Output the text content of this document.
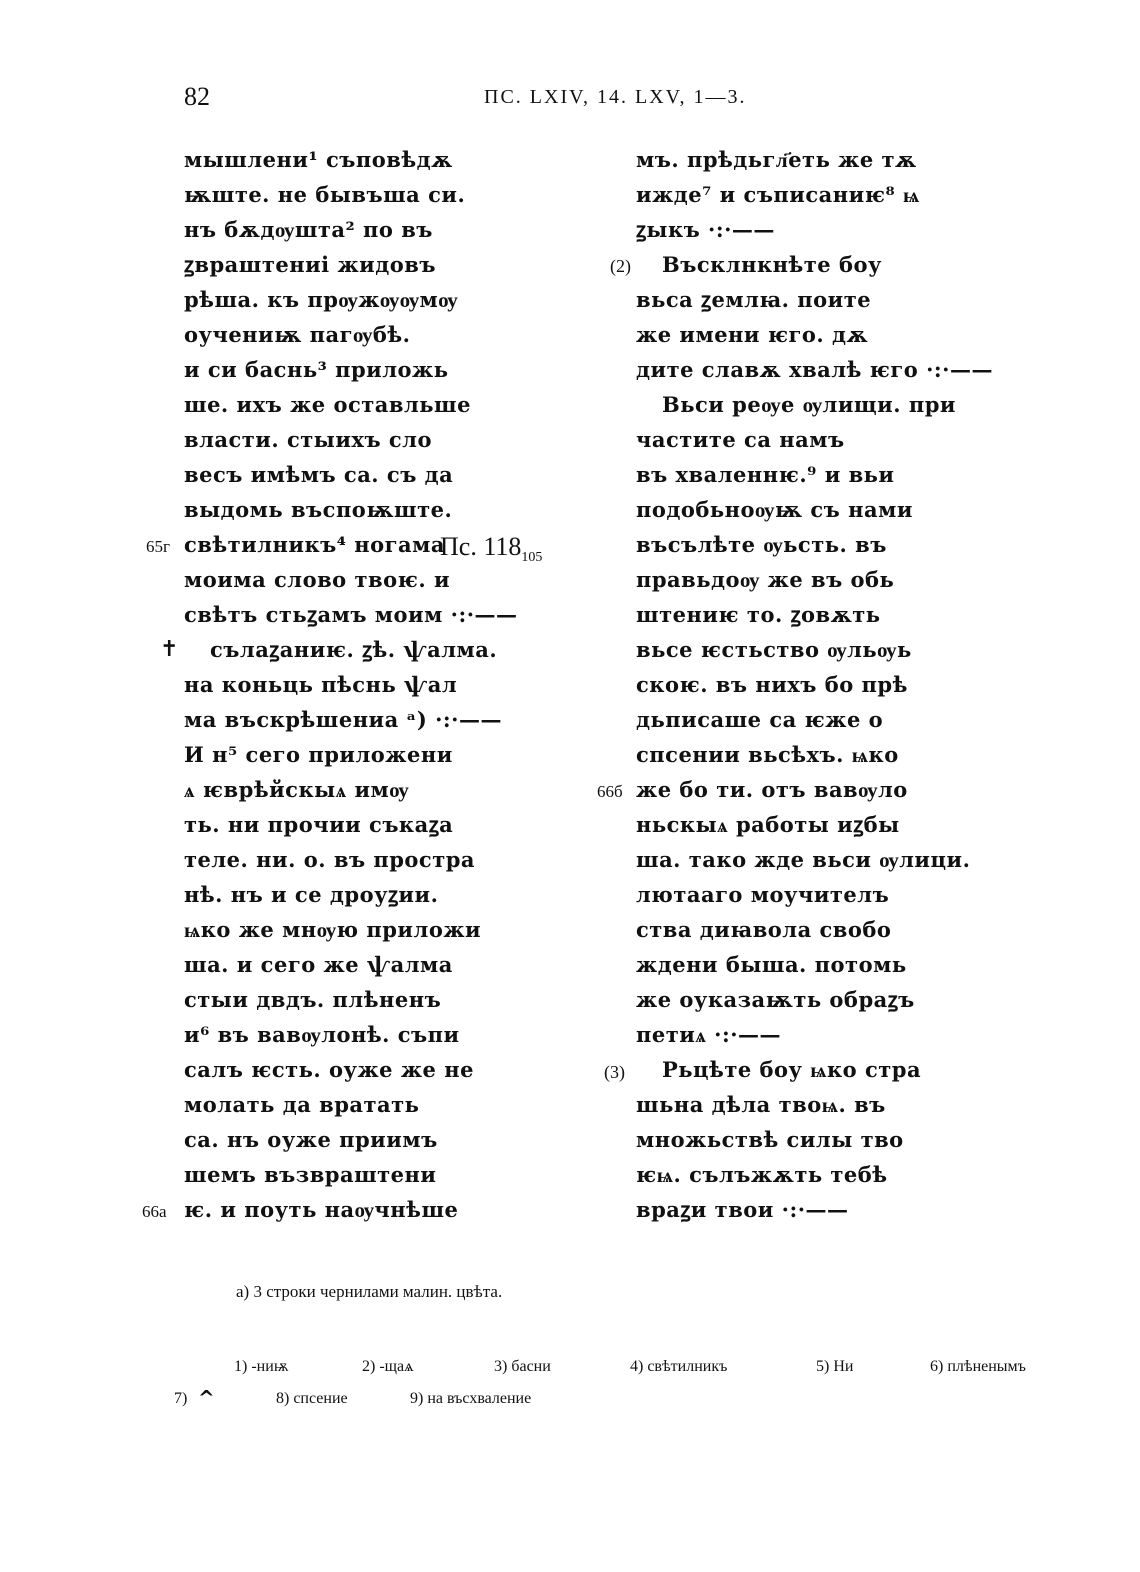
82	ПС. LXIV, 14. LXV, 1—3.
мышлени¹ съповѣдѫ
ѭште. не бывъша си.
нъ бѫдѹшта² по въ
ꙁвраштениі жидовъ
рѣша. къ прѹжѹѹмѹ
оучениѭ пагѹбѣ.
и си баснь³ приложь
ше. ихъ же оставльше
власти. стыихъ сло
весъ имѣмъ са. съ да
выдомь въспоѭште.
свѣтилникъ⁴ ногама
моима слово твоѥ. и
свѣтъ стьꙁамъ моим ·:·——
сълаꙁаниѥ. ꙁѣ. ѱалма.
на коньць пѣснь ѱал
ма въскрѣшениа ᵃ) ·:·——
И н⁵ сего приложени
ѧ ѥврѣйскыѧ имѹ
ть. ни прочии съкаꙁа
теле. ни. о. въ простра
нѣ. нъ и се дроуꙁии.
ѩко же мнѹю приложи
ша. и сего же ѱалма
стыи двдъ. плѣненъ
и⁶ въ вавѹлонѣ. съпи
салъ ѥсть. оуже же не
молать да вратать
са. нъ оуже приимъ
шемъ възвраштени
ѥ. и поуть наѹчнѣше
мъ. прѣдьгл҃еть же тѫ
ижде⁷ и съписаниѥ⁸ ѩ
ꙁыкъ ·:·——
Въсклнкнѣте боу
вьса ꙁемлꙗ. поите
же имени ѥго. дѫ
дите славѫ хвалѣ ѥго ·:·——
Вьси реѹе ѹлищи. при
частите са намъ
въ хваленнѥ.⁹ и вьи
подобьноѹѭ съ нами
въсълѣте ѹьсть. въ
правьдоѹ же въ обь
штениѥ то. ꙁовѫть
вьсе ѥстьство ѹльѹь
скоѥ. въ нихъ бо прѣ
дьписаше са ѥже о
спсении вьсѣхъ. ѩко
же бо ти. отъ вавѹло
ньскыѧ работы иꙁбы
ша. тако жде вьси ѹлици.
лютааго моучителъ
ства диꙗвола свобо
ждени быша. потомь
же оуказаѭть обраꙁъ
петиѧ ·:·——
Рьцѣте боу ѩко стра
шьна дѣла твоѩ. въ
множьствѣ силы тво
ѥѩ. сълъжѫть тебѣ
враꙁи твои ·:·——
65г
66а
66б
✝
(2)
(3)
Пс. $118_{105}$
а) 3 строки чернилами малин. цвѣта.
1) -ниѭ	2) -щаѧ	3) басни	4) свѣтилникъ	5) Ни	6) плѣненымъ
7) ^	8) спсение	9) на въсхваление
